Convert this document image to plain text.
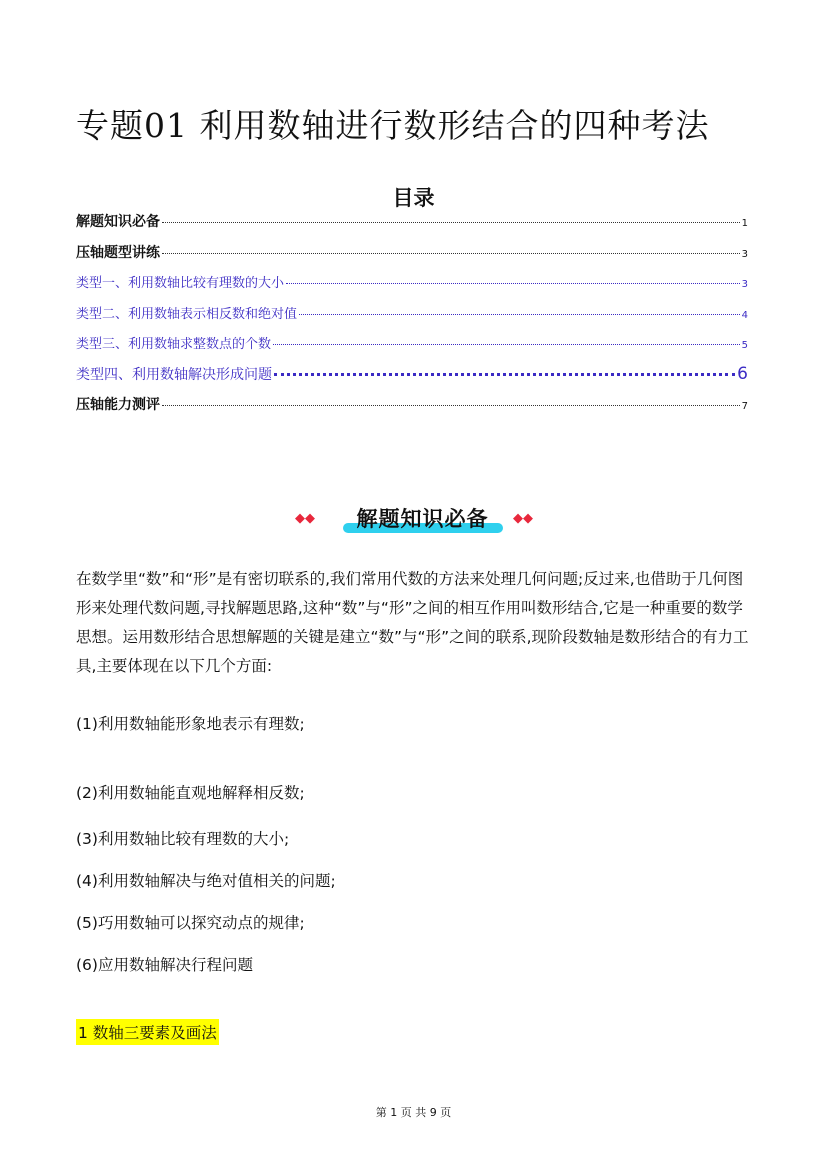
专题01 利用数轴进行数形结合的四种考法
目录
解题知识必备	1
压轴题型讲练	3
类型一、利用数轴比较有理数的大小	3
类型二、利用数轴表示相反数和绝对值	4
类型三、利用数轴求整数点的个数	5
类型四、利用数轴解决形成问题	6
压轴能力测评	7
◆◆	解题知识必备	◆◆
在数学里“数”和“形”是有密切联系的,我们常用代数的方法来处理几何问题;反过来,也借助于几何图形来处理代数问题,寻找解题思路,这种“数”与“形”之间的相互作用叫数形结合,它是一种重要的数学思想。运用数形结合思想解题的关键是建立“数”与“形”之间的联系,现阶段数轴是数形结合的有力工具,主要体现在以下几个方面:
(1)利用数轴能形象地表示有理数;
(2)利用数轴能直观地解释相反数;
(3)利用数轴比较有理数的大小;
(4)利用数轴解决与绝对值相关的问题;
(5)巧用数轴可以探究动点的规律;
(6)应用数轴解决行程问题
1 数轴三要素及画法
第 1 页 共 9 页
